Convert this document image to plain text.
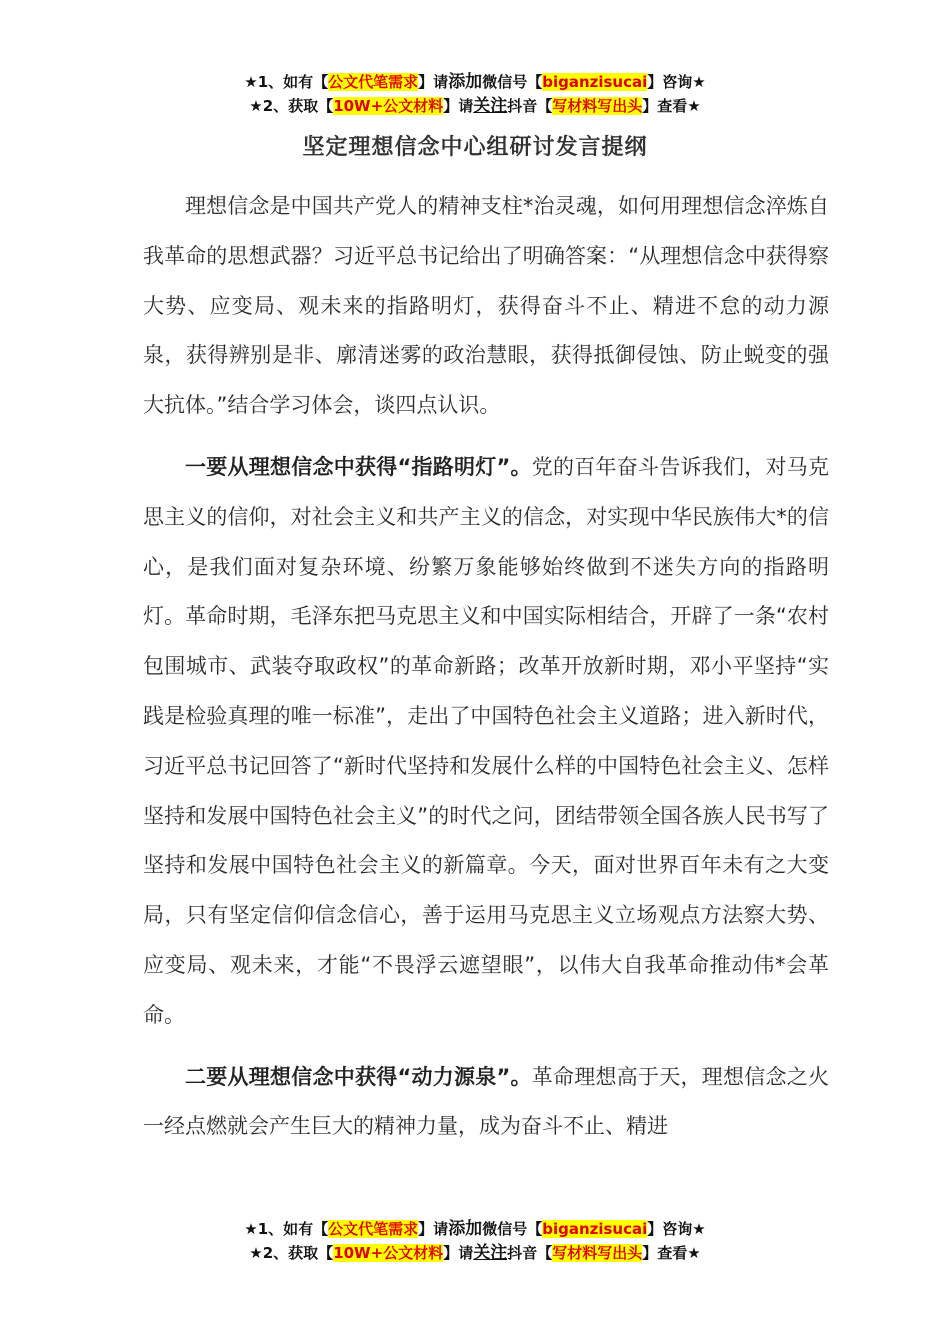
★1、如有【公文代笔需求】请添加微信号【biganzisucai】咨询★
★2、获取【10W+公文材料】请关注抖音【写材料写出头】查看★
坚定理想信念中心组研讨发言提纲

理想信念是中国共产党人的精神支柱*治灵魂，如何用理想信念淬炼自我革命的思想武器？习近平总书记给出了明确答案：“从理想信念中获得察大势、应变局、观未来的指路明灯，获得奋斗不止、精进不怠的动力源泉，获得辨别是非、廓清迷雾的政治慧眼，获得抵御侵蚀、防止蜕变的强大抗体。”结合学习体会，谈四点认识。

一要从理想信念中获得“指路明灯”。党的百年奋斗告诉我们，对马克思主义的信仰，对社会主义和共产主义的信念，对实现中华民族伟大*的信心，是我们面对复杂环境、纷繁万象能够始终做到不迷失方向的指路明灯。革命时期，毛泽东把马克思主义和中国实际相结合，开辟了一条“农村包围城市、武装夺取政权”的革命新路；改革开放新时期，邓小平坚持“实践是检验真理的唯一标准”，走出了中国特色社会主义道路；进入新时代，习近平总书记回答了“新时代坚持和发展什么样的中国特色社会主义、怎样坚持和发展中国特色社会主义”的时代之问，团结带领全国各族人民书写了坚持和发展中国特色社会主义的新篇章。今天，面对世界百年未有之大变局，只有坚定信仰信念信心，善于运用马克思主义立场观点方法察大势、应变局、观未来，才能“不畏浮云遮望眼”，以伟大自我革命推动伟*会革命。

二要从理想信念中获得“动力源泉”。革命理想高于天，理想信念之火一经点燃就会产生巨大的精神力量，成为奋斗不止、精进

★1、如有【公文代笔需求】请添加微信号【biganzisucai】咨询★
★2、获取【10W+公文材料】请关注抖音【写材料写出头】查看★
